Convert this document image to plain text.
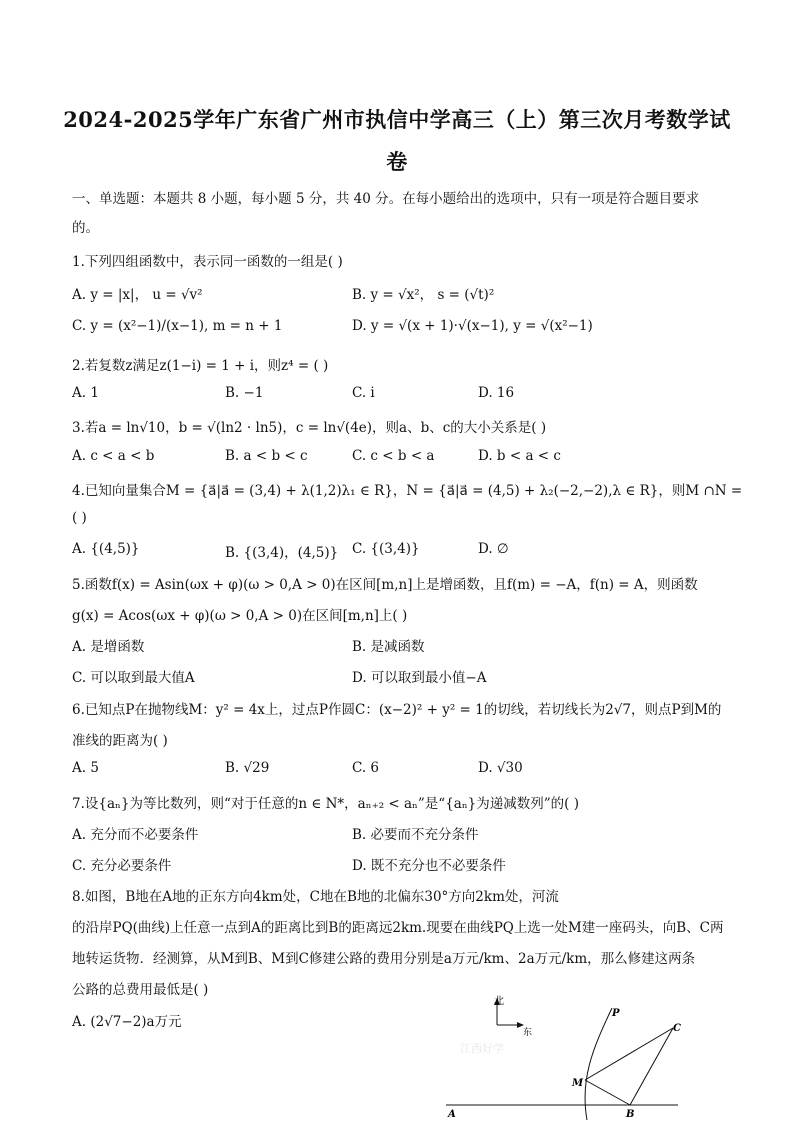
2024-2025学年广东省广州市执信中学高三（上）第三次月考数学试
卷
一、单选题：本题共 8 小题，每小题 5 分，共 40 分。在每小题给出的选项中，只有一项是符合题目要求
的。
1.下列四组函数中，表示同一函数的一组是( )
A. y = |x|， u = √v²	B. y = √x²， s = (√t)²
C. y = (x²−1)/(x−1), m = n + 1	D. y = √(x + 1)·√(x−1), y = √(x²−1)
2.若复数z满足z(1−i) = 1 + i，则z⁴ = ( )
A. 1	B. −1	C. i	D. 16
3.若a = ln√10，b = √(ln2 · ln5)，c = ln√(4e)，则a、b、c的大小关系是( )
A. c < a < b	B. a < b < c	C. c < b < a	D. b < a < c
4.已知向量集合M = {a⃗|a⃗ = (3,4) + λ(1,2)λ₁ ∈ R}，N = {a⃗|a⃗ = (4,5) + λ₂(−2,−2),λ ∈ R}，则M ∩N =
( )
A. {(4,5)}	B. {(3,4)，(4,5)} C. {(3,4)}	D. ∅
5.函数f(x) = Asin(ωx + φ)(ω > 0,A > 0)在区间[m,n]上是增函数，且f(m) = −A，f(n) = A，则函数
g(x) = Acos(ωx + φ)(ω > 0,A > 0)在区间[m,n]上( )
A. 是增函数	B. 是减函数
C. 可以取到最大值A	D. 可以取到最小值−A
6.已知点P在抛物线M：y² = 4x上，过点P作圆C：(x−2)² + y² = 1的切线，若切线长为2√7，则点P到M的
准线的距离为( )
A. 5	B. √29	C. 6	D. √30
7.设{aₙ}为等比数列，则“对于任意的n ∈ N*，aₙ₊₂ < aₙ”是“{aₙ}为递减数列”的( )
A. 充分而不必要条件	B. 必要而不充分条件
C. 充分必要条件	D. 既不充分也不必要条件
8.如图，B地在A地的正东方向4km处，C地在B地的北偏东30°方向2km处，河流
的沿岸PQ(曲线)上任意一点到A的距离比到B的距离远2km.现要在曲线PQ上选一处M建一座码头，向B、C两
地转运货物．经测算，从M到B、M到C修建公路的费用分别是a万元/km、2a万元/km，那么修建这两条
公路的总费用最低是( )
A. (2√7−2)a万元
北
东
江西好学
P
C
M
A	B
